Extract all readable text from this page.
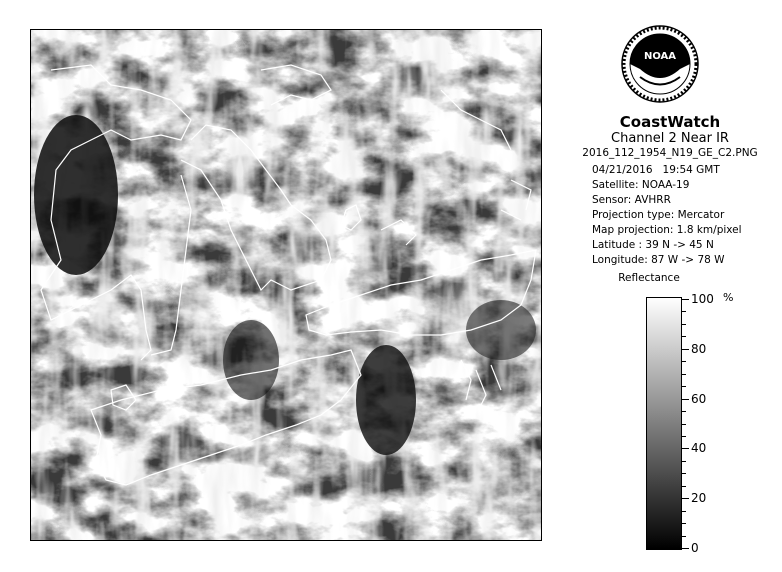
NOAA
CoastWatch
Channel 2 Near IR
2016_112_1954_N19_GE_C2.PNG
04/21/2016 19:54 GMT
Satellite: NOAA-19
Sensor: AVHRR
Projection type: Mercator
Map projection: 1.8 km/pixel
Latitude : 39 N -> 45 N
Longitude: 87 W -> 78 W
Reflectance
%
100
80
60
40
20
0
